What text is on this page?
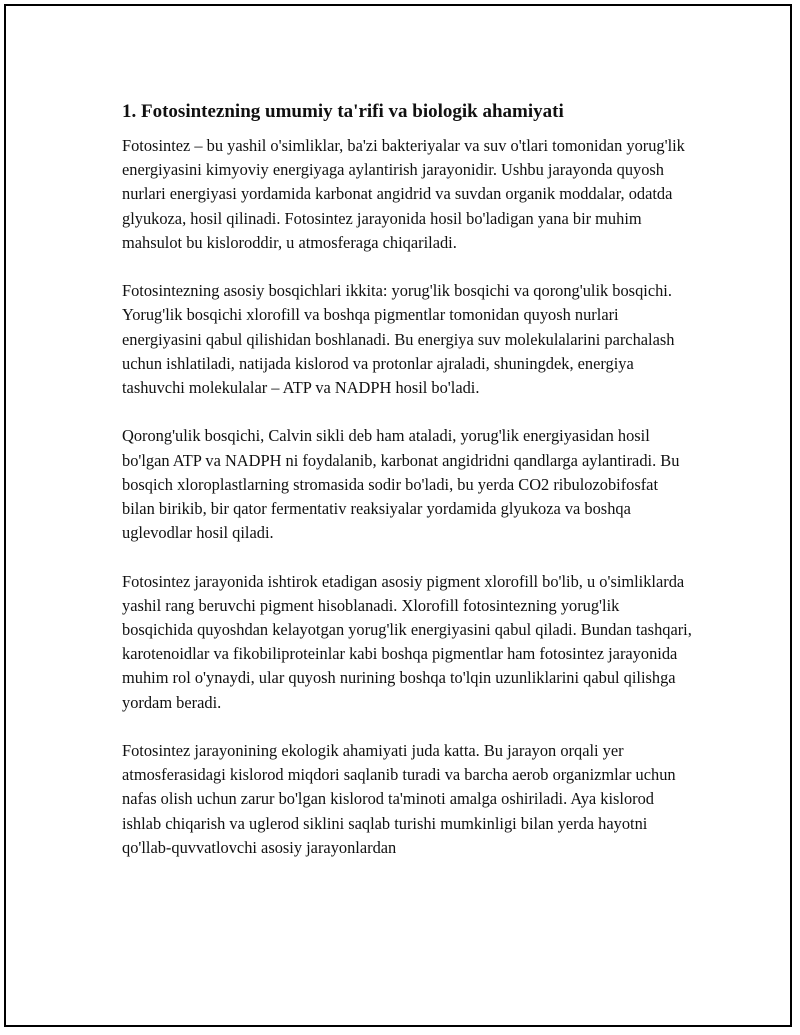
1. Fotosintezning umumiy ta'rifi va biologik ahamiyati

Fotosintez – bu yashil o'simliklar, ba'zi bakteriyalar va suv o'tlari tomonidan yorug'lik energiyasini kimyoviy energiyaga aylantirish jarayonidir. Ushbu jarayonda quyosh nurlari energiyasi yordamida karbonat angidrid va suvdan organik moddalar, odatda glyukoza, hosil qilinadi. Fotosintez jarayonida hosil bo'ladigan yana bir muhim mahsulot bu kisloroddir, u atmosferaga chiqariladi.

Fotosintezning asosiy bosqichlari ikkita: yorug'lik bosqichi va qorong'ulik bosqichi. Yorug'lik bosqichi xlorofill va boshqa pigmentlar tomonidan quyosh nurlari energiyasini qabul qilishidan boshlanadi. Bu energiya suv molekulalarini parchalash uchun ishlatiladi, natijada kislorod va protonlar ajraladi, shuningdek, energiya tashuvchi molekulalar – ATP va NADPH hosil bo'ladi.

Qorong'ulik bosqichi, Calvin sikli deb ham ataladi, yorug'lik energiyasidan hosil bo'lgan ATP va NADPH ni foydalanib, karbonat angidridni qandlarga aylantiradi. Bu bosqich xloroplastlarning stromasida sodir bo'ladi, bu yerda CO2 ribulozobifosfat bilan birikib, bir qator fermentativ reaksiyalar yordamida glyukoza va boshqa uglevodlar hosil qiladi.

Fotosintez jarayonida ishtirok etadigan asosiy pigment xlorofill bo'lib, u o'simliklarda yashil rang beruvchi pigment hisoblanadi. Xlorofill fotosintezning yorug'lik bosqichida quyoshdan kelayotgan yorug'lik energiyasini qabul qiladi. Bundan tashqari, karotenoidlar va fikobiliproteinlar kabi boshqa pigmentlar ham fotosintez jarayonida muhim rol o'ynaydi, ular quyosh nurining boshqa to'lqin uzunliklarini qabul qilishga yordam beradi.

Fotosintez jarayonining ekologik ahamiyati juda katta. Bu jarayon orqali yer atmosferasidagi kislorod miqdori saqlanib turadi va barcha aerob organizmlar uchun nafas olish uchun zarur bo'lgan kislorod ta'minoti amalga oshiriladi. Aya kislorod ishlab chiqarish va uglerod siklini saqlab turishi mumkinligi bilan yerda hayotni qo'llab-quvvatlovchi asosiy jarayonlardan
